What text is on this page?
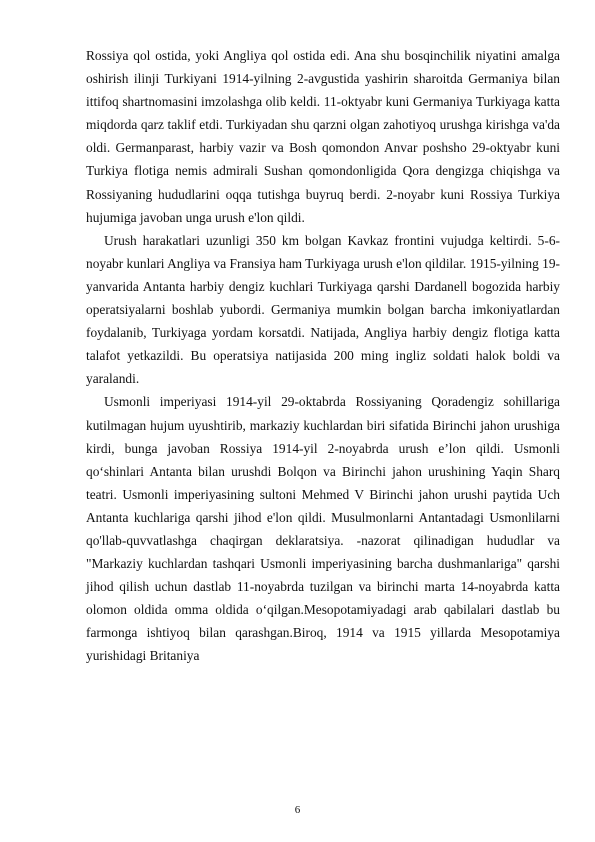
Rossiya qo‍l ostida, yoki Angliya qo‍l ostida edi. Ana shu bosqinchilik niyatini amalga oshirish ilinji Turkiyani 1914-yilning 2-avgustida yashirin sharoitda Germaniya bilan ittifoq shartnomasini imzolashga olib keldi. 11-oktyabr kuni Germaniya Turkiyaga katta miqdorda qarz taklif etdi. Turkiyadan shu qarzni olgan zahotiyoq urushga kirishga va'da oldi. Germanparast, harbiy vazir va Bosh qomondon Anvar poshsho 29-oktyabr kuni Turkiya flotiga nemis admirali Sushan qomondonligida Qora dengizga chiqishga va Rossiyaning hududlarini oqqa tutishga buyruq berdi. 2-noyabr kuni Rossiya Turkiya hujumiga javoban unga urush e'lon qildi.

Urush harakatlari uzunligi 350 km bolgan Kavkaz frontini vujudga keltirdi. 5-6-noyabr kunlari Angliya va Fransiya ham Turkiyaga urush e'lon qildilar. 1915-yilning 19-yanvarida Antanta harbiy dengiz kuchlari Turkiyaga qarshi Dardanell bogozida harbiy operatsiyalarni boshlab yubordi. Germaniya mumkin bolgan barcha imkoniyatlardan foydalanib, Turkiyaga yordam korsatdi. Natijada, Angliya harbiy dengiz flotiga katta talafot yetkazildi. Bu operatsiya natijasida 200 ming ingliz soldati halok boldi va yaralandi.

Usmonli imperiyasi 1914-yil 29-oktabrda Rossiyaning Qoradengiz sohillariga kutilmagan hujum uyushtirib, markaziy kuchlardan biri sifatida Birinchi jahon urushiga kirdi, bunga javoban Rossiya 1914-yil 2-noyabrda urush e’lon qildi. Usmonli qo‘shinlari Antanta bilan urushdi Bolqon va Birinchi jahon urushining Yaqin Sharq teatri. Usmonli imperiyasining sultoni Mehmed V Birinchi jahon urushi paytida Uch Antanta kuchlariga qarshi jihod e'lon qildi. Musulmonlarni Antantadagi Usmonlilarni qo'llab-quvvatlashga chaqirgan deklaratsiya. -nazorat qilinadigan hududlar va "Markaziy kuchlardan tashqari Usmonli imperiyasining barcha dushmanlariga" qarshi jihod qilish uchun dastlab 11-noyabrda tuzilgan va birinchi marta 14-noyabrda katta olomon oldida omma oldida o‘qilgan.Mesopotamiyadagi arab qabilalari dastlab bu farmonga ishtiyoq bilan qarashgan.Biroq, 1914 va 1915 yillarda Mesopotamiya yurishidagi Britaniya

6
